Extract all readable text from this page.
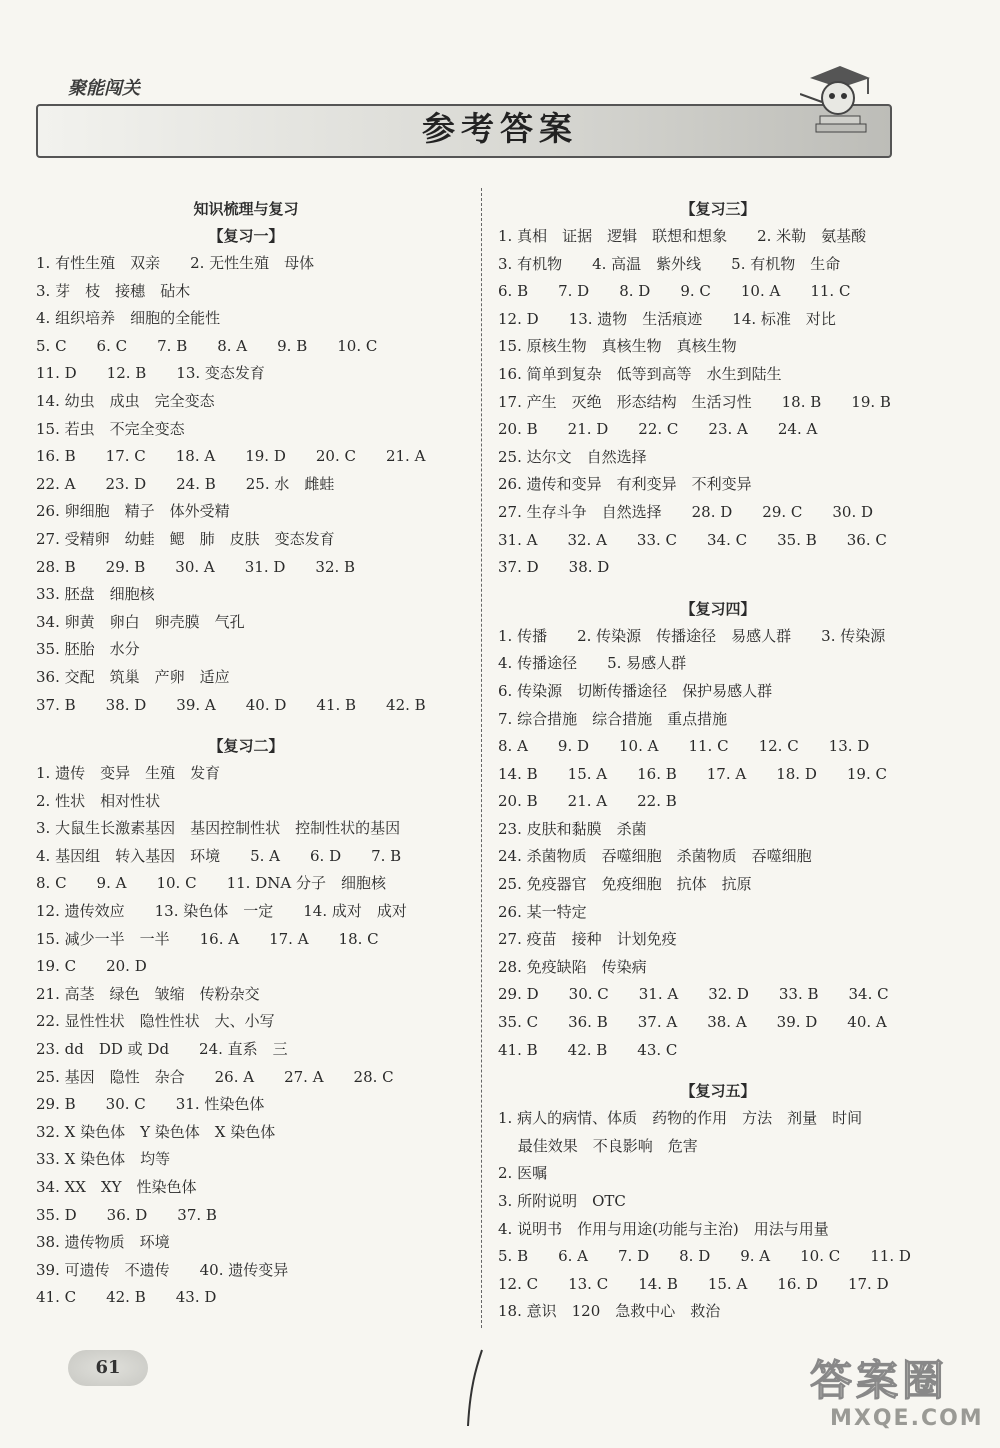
聚能闯关
参考答案
知识梳理与复习
【复习一】
1. 有性生殖　双亲　　2. 无性生殖　母体
3. 芽　枝　接穗　砧木
4. 组织培养　细胞的全能性
5. C　　6. C　　7. B　　8. A　　9. B　　10. C
11. D　　12. B　　13. 变态发育
14. 幼虫　成虫　完全变态
15. 若虫　不完全变态
16. B　　17. C　　18. A　　19. D　　20. C　　21. A
22. A　　23. D　　24. B　　25. 水　雌蛙
26. 卵细胞　精子　体外受精
27. 受精卵　幼蛙　鳃　肺　皮肤　变态发育
28. B　　29. B　　30. A　　31. D　　32. B
33. 胚盘　细胞核
34. 卵黄　卵白　卵壳膜　气孔
35. 胚胎　水分
36. 交配　筑巢　产卵　适应
37. B　　38. D　　39. A　　40. D　　41. B　　42. B
【复习二】
1. 遗传　变异　生殖　发育
2. 性状　相对性状
3. 大鼠生长激素基因　基因控制性状　控制性状的基因
4. 基因组　转入基因　环境　　5. A　　6. D　　7. B
8. C　　9. A　　10. C　　11. DNA 分子　细胞核
12. 遗传效应　　13. 染色体　一定　　14. 成对　成对
15. 减少一半　一半　　16. A　　17. A　　18. C
19. C　　20. D
21. 高茎　绿色　皱缩　传粉杂交
22. 显性性状　隐性性状　大、小写
23. dd　DD 或 Dd　　24. 直系　三
25. 基因　隐性　杂合　　26. A　　27. A　　28. C
29. B　　30. C　　31. 性染色体
32. X 染色体　Y 染色体　X 染色体
33. X 染色体　均等
34. XX　XY　性染色体
35. D　　36. D　　37. B
38. 遗传物质　环境
39. 可遗传　不遗传　　40. 遗传变异
41. C　　42. B　　43. D
【复习三】
1. 真相　证据　逻辑　联想和想象　　2. 米勒　氨基酸
3. 有机物　　4. 高温　紫外线　　5. 有机物　生命
6. B　　7. D　　8. D　　9. C　　10. A　　11. C
12. D　　13. 遗物　生活痕迹　　14. 标准　对比
15. 原核生物　真核生物　真核生物
16. 简单到复杂　低等到高等　水生到陆生
17. 产生　灭绝　形态结构　生活习性　　18. B　　19. B
20. B　　21. D　　22. C　　23. A　　24. A
25. 达尔文　自然选择
26. 遗传和变异　有利变异　不利变异
27. 生存斗争　自然选择　　28. D　　29. C　　30. D
31. A　　32. A　　33. C　　34. C　　35. B　　36. C
37. D　　38. D
【复习四】
1. 传播　　2. 传染源　传播途径　易感人群　　3. 传染源
4. 传播途径　　5. 易感人群
6. 传染源　切断传播途径　保护易感人群
7. 综合措施　综合措施　重点措施
8. A　　9. D　　10. A　　11. C　　12. C　　13. D
14. B　　15. A　　16. B　　17. A　　18. D　　19. C
20. B　　21. A　　22. B
23. 皮肤和黏膜　杀菌
24. 杀菌物质　吞噬细胞　杀菌物质　吞噬细胞
25. 免疫器官　免疫细胞　抗体　抗原
26. 某一特定
27. 疫苗　接种　计划免疫
28. 免疫缺陷　传染病
29. D　　30. C　　31. A　　32. D　　33. B　　34. C
35. C　　36. B　　37. A　　38. A　　39. D　　40. A
41. B　　42. B　　43. C
【复习五】
1. 病人的病情、体质　药物的作用　方法　剂量　时间
　 最佳效果　不良影响　危害
2. 医嘱
3. 所附说明　OTC
4. 说明书　作用与用途(功能与主治)　用法与用量
5. B　　6. A　　7. D　　8. D　　9. A　　10. C　　11. D
12. C　　13. C　　14. B　　15. A　　16. D　　17. D
18. 意识　120　急救中心　救治
61	答案圈
MXQE.COM
